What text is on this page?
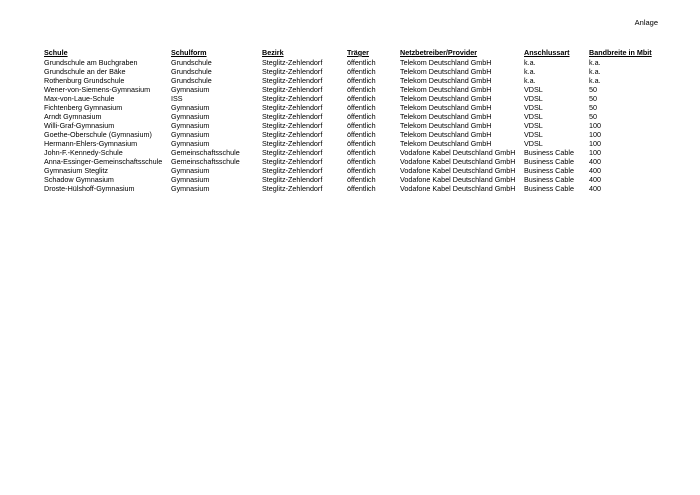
Anlage
Schule	Schulform	Bezirk	Träger	Netzbetreiber/Provider	Anschlussart	Bandbreite in Mbit
Grundschule am Buchgraben	Grundschule	Steglitz-Zehlendorf	öffentlich	Telekom Deutschland GmbH	k.a.	k.a.
Grundschule an der Bäke	Grundschule	Steglitz-Zehlendorf	öffentlich	Telekom Deutschland GmbH	k.a.	k.a.
Rothenburg Grundschule	Grundschule	Steglitz-Zehlendorf	öffentlich	Telekom Deutschland GmbH	k.a.	k.a.
Wener-von-Siemens-Gymnasium	Gymnasium	Steglitz-Zehlendorf	öffentlich	Telekom Deutschland GmbH	VDSL	50
Max-von-Laue-Schule	ISS	Steglitz-Zehlendorf	öffentlich	Telekom Deutschland GmbH	VDSL	50
Fichtenberg Gymnasium	Gymnasium	Steglitz-Zehlendorf	öffentlich	Telekom Deutschland GmbH	VDSL	50
Arndt Gymnasium	Gymnasium	Steglitz-Zehlendorf	öffentlich	Telekom Deutschland GmbH	VDSL	50
Willi-Graf-Gymnasium	Gymnasium	Steglitz-Zehlendorf	öffentlich	Telekom Deutschland GmbH	VDSL	100
Goethe-Oberschule (Gymnasium)	Gymnasium	Steglitz-Zehlendorf	öffentlich	Telekom Deutschland GmbH	VDSL	100
Hermann-Ehlers-Gymnasium	Gymnasium	Steglitz-Zehlendorf	öffentlich	Telekom Deutschland GmbH	VDSL	100
John-F.-Kennedy-Schule	Gemeinschaftsschule	Steglitz-Zehlendorf	öffentlich	Vodafone Kabel Deutschland GmbH	Business Cable	100
Anna-Essinger-Gemeinschaftsschule	Gemeinschaftsschule	Steglitz-Zehlendorf	öffentlich	Vodafone Kabel Deutschland GmbH	Business Cable	400
Gymnasium Steglitz	Gymnasium	Steglitz-Zehlendorf	öffentlich	Vodafone Kabel Deutschland GmbH	Business Cable	400
Schadow Gymnasium	Gymnasium	Steglitz-Zehlendorf	öffentlich	Vodafone Kabel Deutschland GmbH	Business Cable	400
Droste-Hülshoff-Gymnasium	Gymnasium	Steglitz-Zehlendorf	öffentlich	Vodafone Kabel Deutschland GmbH	Business Cable	400
